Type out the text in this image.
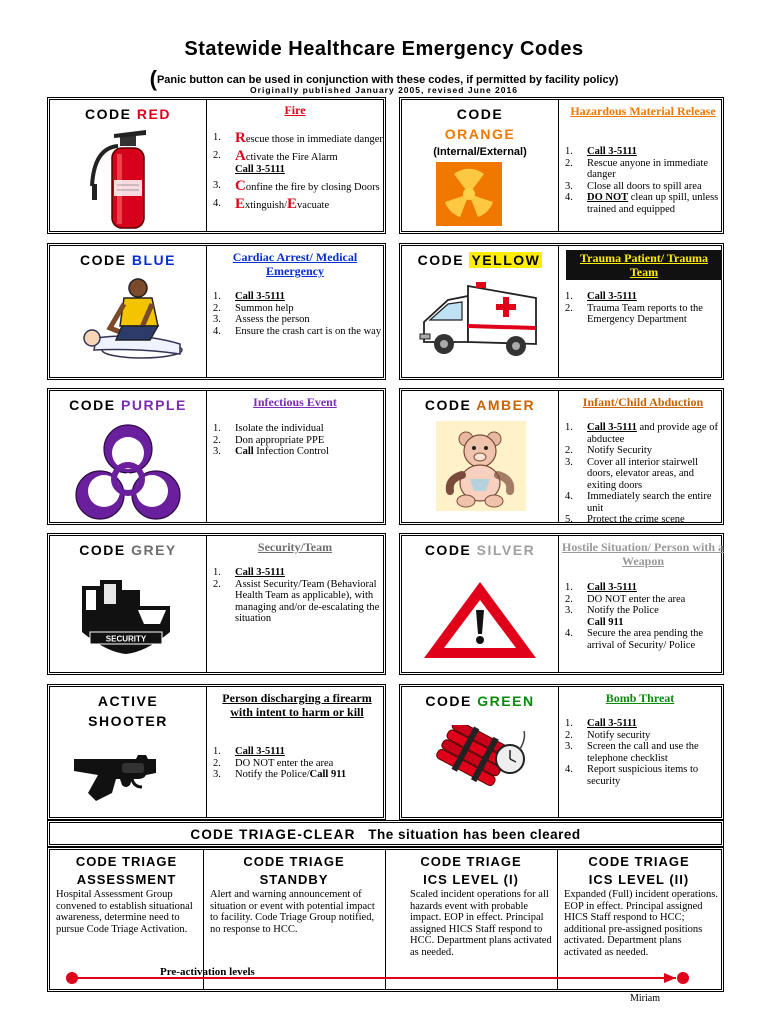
Statewide Healthcare Emergency Codes
(Panic button can be used in conjunction with these codes, if permitted by facility policy)
Originally published January 2005, revised June 2016
CODE RED	Fire
1. Rescue those in immediate danger
2. Activate the Fire Alarm
Call 3-5111
3. Confine the fire by closing Doors
4. Extinguish/Evacuate
CODE
ORANGE
(Internal/External)
Hazardous Material Release
1. Call 3-5111
2. Rescue anyone in immediate danger
3. Close all doors to spill area
4. DO NOT clean up spill, unless trained and equipped
CODE BLUE	Cardiac Arrest/ Medical Emergency
1. Call 3-5111
2. Summon help
3. Assess the person
4. Ensure the crash cart is on the way
CODE YELLOW	Trauma Patient/ Trauma Team
1. Call 3-5111
2. Trauma Team reports to the Emergency Department
CODE PURPLE	Infectious Event
1. Isolate the individual
2. Don appropriate PPE
3. Call Infection Control
CODE AMBER	Infant/Child Abduction
1. Call 3-5111 and provide age of abductee
2. Notify Security
3. Cover all interior stairwell doors, elevator areas, and exiting doors
4. Immediately search the entire unit
5. Protect the crime scene
CODE GREY
SECURITY
Security/Team
1. Call 3-5111
2. Assist Security/Team (Behavioral Health Team as applicable), with managing and/or de-escalating the situation
CODE SILVER	Hostile Situation/ Person with a Weapon
1. Call 3-5111
2. DO NOT enter the area
3. Notify the Police
Call 911
4. Secure the area pending the arrival of Security/ Police
ACTIVE
SHOOTER
Person discharging a firearm with intent to harm or kill
1. Call 3-5111
2. DO NOT enter the area
3. Notify the Police/Call 911
CODE GREEN	Bomb Threat
1. Call 3-5111
2. Notify security
3. Screen the call and use the telephone checklist
4. Report suspicious items to security
CODE TRIAGE-CLEAR The situation has been cleared
CODE TRIAGE
ASSESSMENT
Hospital Assessment Group convened to establish situational awareness, determine need to pursue Code Triage Activation.
CODE TRIAGE
STANDBY
Alert and warning announcement of situation or event with potential impact to facility. Code Triage Group notified, no response to HCC.
CODE TRIAGE
ICS LEVEL (I)
Scaled incident operations for all hazards event with probable impact. EOP in effect. Principal assigned HICS Staff respond to HCC. Department plans activated as needed.
CODE TRIAGE
ICS LEVEL (II)
Expanded (Full) incident operations. EOP in effect. Principal assigned HICS Staff respond to HCC; additional pre-assigned positions activated. Department plans activated as needed.
Pre-activation levels
Miriam
